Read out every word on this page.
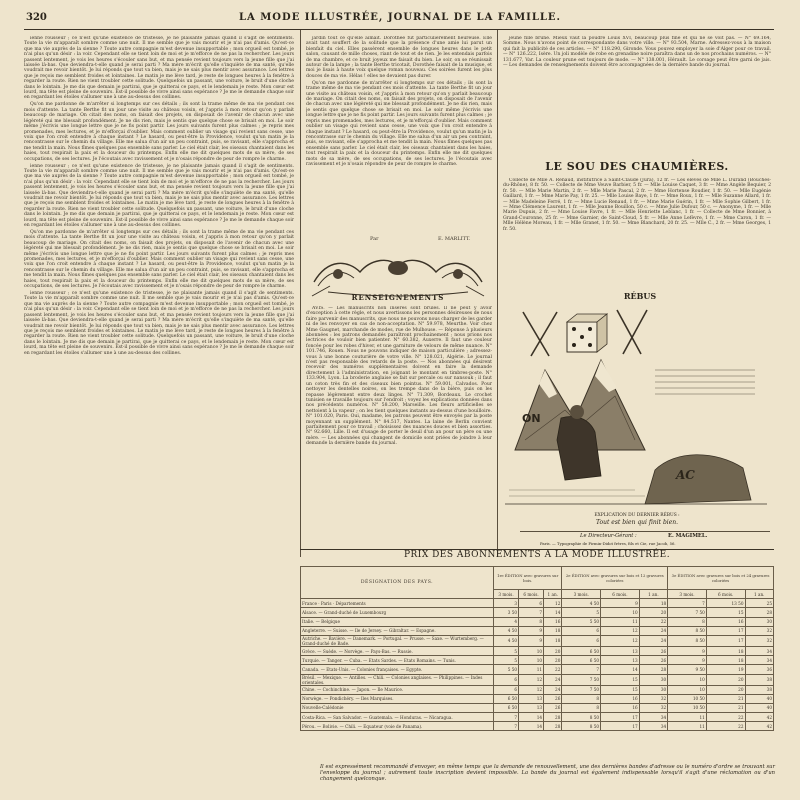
320	LA MODE ILLUSTRÉE, JOURNAL DE LA FAMILLE.

ienne rousseur ; ce n'est qu'une existence de tristesse, je ne plaisante jamais quand il s'agit de sentiments. Toute la vie m'apparaît sombre comme une nuit. Il me semble que je vais mourir et je n'ai pas d'amis. Qu'est-ce que ma vie auprès de la sienne ? Toute autre compagnie m'est devenue insupportable ; mon orgueil est tombé, je n'ai plus qu'un désir : la voir. Cependant elle se tient loin de moi et je m'efforce de ne pas la rechercher. Les jours passent lentement, je vois les heures s'écouler sans but, et ma pensée revient toujours vers la jeune fille que j'ai laissée là-bas. Que deviendra-t-elle quand je serai parti ? Ma mère m'écrit qu'elle s'inquiète de ma santé, qu'elle voudrait me revoir bientôt. Je lui réponds que tout va bien, mais je ne sais plus mentir avec assurance. Les lettres que je reçois me semblent froides et lointaines. Le matin je me lève tard, je reste de longues heures à la fenêtre à regarder la route. Rien ne vient troubler cette solitude. Quelquefois un passant, une voiture, le bruit d'une cloche dans le lointain. Je me dis que demain je partirai, que je quitterai ce pays, et le lendemain je reste. Mon cœur est lourd, ma tête est pleine de souvenirs. Est-il possible de vivre ainsi sans espérance ? Je me le demande chaque soir en regardant les étoiles s'allumer une à une au-dessus des collines.

Qu'on me pardonne de m'arrêter si longtemps sur ces détails ; ils sont la trame même de ma vie pendant ces mois d'attente. La tante Berthe fit un jour une visite au château voisin, et j'appris à mon retour qu'on y parlait beaucoup de mariage. On citait des noms, on faisait des projets, on disposait de l'avenir de chacun avec une légèreté qui me blessait profondément. Je ne dis rien, mais je sentis que quelque chose se brisait en moi. Le soir même j'écrivis une longue lettre que je ne fis point partir. Les jours suivants furent plus calmes ; je repris mes promenades, mes lectures, et je m'efforçai d'oublier. Mais comment oublier un visage qui revient sans cesse, une voix que l'on croit entendre à chaque instant ? Le hasard, ou peut-être la Providence, voulut qu'un matin je la rencontrasse sur le chemin du village. Elle me salua d'un air un peu contraint, puis, se ravisant, elle s'approcha et me tendit la main. Nous fîmes quelques pas ensemble sans parler. Le ciel était clair, les oiseaux chantaient dans les haies, tout respirait la paix et la douceur du printemps. Enfin elle me dit quelques mots de sa mère, de ses occupations, de ses lectures. Je l'écoutais avec ravissement et je n'osais répondre de peur de rompre le charme.

ienne rousseur ; ce n'est qu'une existence de tristesse, je ne plaisante jamais quand il s'agit de sentiments. Toute la vie m'apparaît sombre comme une nuit. Il me semble que je vais mourir et je n'ai pas d'amis. Qu'est-ce que ma vie auprès de la sienne ? Toute autre compagnie m'est devenue insupportable ; mon orgueil est tombé, je n'ai plus qu'un désir : la voir. Cependant elle se tient loin de moi et je m'efforce de ne pas la rechercher. Les jours passent lentement, je vois les heures s'écouler sans but, et ma pensée revient toujours vers la jeune fille que j'ai laissée là-bas. Que deviendra-t-elle quand je serai parti ? Ma mère m'écrit qu'elle s'inquiète de ma santé, qu'elle voudrait me revoir bientôt. Je lui réponds que tout va bien, mais je ne sais plus mentir avec assurance. Les lettres que je reçois me semblent froides et lointaines. Le matin je me lève tard, je reste de longues heures à la fenêtre à regarder la route. Rien ne vient troubler cette solitude. Quelquefois un passant, une voiture, le bruit d'une cloche dans le lointain. Je me dis que demain je partirai, que je quitterai ce pays, et le lendemain je reste. Mon cœur est lourd, ma tête est pleine de souvenirs. Est-il possible de vivre ainsi sans espérance ? Je me le demande chaque soir en regardant les étoiles s'allumer une à une au-dessus des collines.

Qu'on me pardonne de m'arrêter si longtemps sur ces détails ; ils sont la trame même de ma vie pendant ces mois d'attente. La tante Berthe fit un jour une visite au château voisin, et j'appris à mon retour qu'on y parlait beaucoup de mariage. On citait des noms, on faisait des projets, on disposait de l'avenir de chacun avec une légèreté qui me blessait profondément. Je ne dis rien, mais je sentis que quelque chose se brisait en moi. Le soir même j'écrivis une longue lettre que je ne fis point partir. Les jours suivants furent plus calmes ; je repris mes promenades, mes lectures, et je m'efforçai d'oublier. Mais comment oublier un visage qui revient sans cesse, une voix que l'on croit entendre à chaque instant ? Le hasard, ou peut-être la Providence, voulut qu'un matin je la rencontrasse sur le chemin du village. Elle me salua d'un air un peu contraint, puis, se ravisant, elle s'approcha et me tendit la main. Nous fîmes quelques pas ensemble sans parler. Le ciel était clair, les oiseaux chantaient dans les haies, tout respirait la paix et la douceur du printemps. Enfin elle me dit quelques mots de sa mère, de ses occupations, de ses lectures. Je l'écoutais avec ravissement et je n'osais répondre de peur de rompre le charme.

ienne rousseur ; ce n'est qu'une existence de tristesse, je ne plaisante jamais quand il s'agit de sentiments. Toute la vie m'apparaît sombre comme une nuit. Il me semble que je vais mourir et je n'ai pas d'amis. Qu'est-ce que ma vie auprès de la sienne ? Toute autre compagnie m'est devenue insupportable ; mon orgueil est tombé, je n'ai plus qu'un désir : la voir. Cependant elle se tient loin de moi et je m'efforce de ne pas la rechercher. Les jours passent lentement, je vois les heures s'écouler sans but, et ma pensée revient toujours vers la jeune fille que j'ai laissée là-bas. Que deviendra-t-elle quand je serai parti ? Ma mère m'écrit qu'elle s'inquiète de ma santé, qu'elle voudrait me revoir bientôt. Je lui réponds que tout va bien, mais je ne sais plus mentir avec assurance. Les lettres que je reçois me semblent froides et lointaines. Le matin je me lève tard, je reste de longues heures à la fenêtre à regarder la route. Rien ne vient troubler cette solitude. Quelquefois un passant, une voiture, le bruit d'une cloche dans le lointain. Je me dis que demain je partirai, que je quitterai ce pays, et le lendemain je reste. Mon cœur est lourd, ma tête est pleine de souvenirs. Est-il possible de vivre ainsi sans espérance ? Je me le demande chaque soir en regardant les étoiles s'allumer une à une au-dessus des collines.

jardin tout ce qu'elle aimait. Dorothée fut particulièrement heureuse. Elle avait tant souffert de la solitude que la présence d'une amie lui parut un bienfait du ciel. Elles passèrent ensemble de longues heures dans le petit salon, causant de mille choses, riant de tout et de rien. Je les entendais parfois de ma chambre, et ce bruit joyeux me faisait du bien. Le soir, on se réunissait autour de la lampe ; la tante Berthe tricotait, Dorothée faisait de la musique, et moi je lisais à haute voix quelque roman nouveau. Ces soirées furent les plus douces de ma vie. Hélas ! elles ne devaient pas durer.

Qu'on me pardonne de m'arrêter si longtemps sur ces détails ; ils sont la trame même de ma vie pendant ces mois d'attente. La tante Berthe fit un jour une visite au château voisin, et j'appris à mon retour qu'on y parlait beaucoup de mariage. On citait des noms, on faisait des projets, on disposait de l'avenir de chacun avec une légèreté qui me blessait profondément. Je ne dis rien, mais je sentis que quelque chose se brisait en moi. Le soir même j'écrivis une longue lettre que je ne fis point partir. Les jours suivants furent plus calmes ; je repris mes promenades, mes lectures, et je m'efforçai d'oublier. Mais comment oublier un visage qui revient sans cesse, une voix que l'on croit entendre à chaque instant ? Le hasard, ou peut-être la Providence, voulut qu'un matin je la rencontrasse sur le chemin du village. Elle me salua d'un air un peu contraint, puis, se ravisant, elle s'approcha et me tendit la main. Nous fîmes quelques pas ensemble sans parler. Le ciel était clair, les oiseaux chantaient dans les haies, tout respirait la paix et la douceur du printemps. Enfin elle me dit quelques mots de sa mère, de ses occupations, de ses lectures. Je l'écoutais avec ravissement et je n'osais répondre de peur de rompre le charme.

Par	E. MARLITT.
RENSEIGNEMENTS

AVIS. — Les manuscrits non insérés sont brûlés. Il ne peut y avoir d'exception à cette règle, et nous avertissons les personnes désireuses de nous faire parvenir des manuscrits, que nous ne pouvons nous charger de les garder ni de les renvoyer en cas de non-acceptation. N° 59.978, Meurthe. Voir chez Mme Gaugnet, marchande de modes, rue de Mulhouse. — Réponse à plusieurs abonnées : les patrons demandés paraîtront prochainement ; nous prions nos lectrices de vouloir bien patienter. N° 60.382, Auxerre. Il faut une couleur foncée pour les robes d'hiver, et une garniture de velours de même nuance. N° 101.746, Rouen. Nous ne pouvons indiquer de maison particulière ; adressez-vous à une bonne couturière de votre ville. N° 128.021, Algérie. Le journal n'est pas responsable des retards de la poste. — Nos abonnées qui désirent recevoir des numéros supplémentaires doivent en faire la demande directement à l'administration, en joignant le montant en timbres-poste. N° 133.904, Lyon. La broderie anglaise se fait sur percale ou sur nansouk ; il faut un coton très fin et des ciseaux bien pointus. N° 59.001, Calvados. Pour nettoyer les dentelles noires, on les trempe dans de la bière, puis on les repasse légèrement entre deux linges. N° 71.309, Bordeaux. Le crochet tunisien se travaille toujours sur l'endroit ; voyez les explications données dans nos précédents numéros. N° 58.200, Marseille. Les fleurs artificielles se nettoient à la vapeur ; on les tient quelques instants au-dessus d'une bouilloire. N° 101.020, Paris. Oui, madame, les patrons peuvent être envoyés par la poste moyennant un supplément. N° 84.517, Nantes. La laine de Berlin convient parfaitement pour ce travail ; choisissez des nuances douces et bien assorties. N° 92.660, Lille. Il est d'usage de porter le deuil d'un an pour un père ou une mère. — Les abonnées qui changent de domicile sont priées de joindre à leur demande la dernière bande du journal.

jeune fille brune. Mieux vaut la poudre Louis XVI, beaucoup plus fine et qui ne se voit pas. — N° 69.164, Somme. Nous n'avons point de correspondante dans votre ville. — N° 93.504, Marne. Adressez-vous à la maison qui fait la publicité de ces articles. — N° 118.290, Gironde. Vous pouvez employer la soie d'Alger pour ce travail. — N° 126.222, Isère. Un joli modèle de robe en grenadine noire paraîtra dans un de nos prochains numéros. — N° 131.677, Var. La couleur prune est toujours de mode. — N° 138.001, Hérault. Le corsage peut être garni de jais. — Les demandes de renseignements doivent être accompagnées de la dernière bande du journal.

LE SOU DES CHAUMIÈRES.

Collecte de Mlle A. Renaud, institutrice à Saint-Claude (Jura), 12 fr. — Les élèves de Mlle L. Durand (Bouches-du-Rhône), 8 fr. 50. — Collecte de Mme Veuve Barbier, 5 fr. — Mlle Louise Caquet, 3 fr. — Mme Angèle Bequier, 2 fr. 50. — Mlle Marie Martin, 2 fr. — Mlle Marie Pascal, 2 fr. — Mme Hortense Roudier, 1 fr. 50. — Mlle Eugénie Gaillard, 1 fr. — Mme Marie Pay, 1 fr. 25. — Mlle Louise Baye, 1 fr. — Mme Roux, 1 fr. — Mlle Suzanne Allard, 1 fr. — Mlle Madeleine Ferré, 1 fr. — Mme Lucie Renaud, 1 fr. — Mme Marie Guérin, 1 fr. — Mlle Sophie Gilbert, 1 fr. — Mme Clémence Laurent, 1 fr. — Mlle Jeanne Bouillon, 50 c. — Mme Julie Dufour, 50 c. — Anonyme, 1 fr. — Mlle Marie Dupuis, 2 fr. — Mme Louise Favre, 1 fr. — Mlle Henriette Leblanc, 1 fr. — Collecte de Mme Bonnier, à Grand-Couronne, 25 fr. — Mme Garnier, de Saint-Cloud, 5 fr. — Mlle Anne Lefèvre, 1 fr. — Mme Caron, 1 fr. — Mlle Hélène Moreau, 1 fr. — Mlle Granet, 1 fr. 50. — Mme Blanchard, 20 fr. 25. — Mlle C., 2 fr. — Mme Georges, 1 fr. 50.

RÉBUS
ON
AC
EXPLICATION DU DERNIER RÉBUS :
Tout est bien qui finit bien.
Le Directeur-Gérant :	E. MAGIMEL.
Paris. — Typographie de Firmin-Didot frères, fils et Cie, rue Jacob, 56.
PRIX DES ABONNEMENTS A LA MODE ILLUSTRÉE.
DÉSIGNATION DES PAYS.	1re ÉDITION avec gravures sur bois.			2e ÉDITION avec gravures sur bois et 12 gravures coloriées			3e ÉDITION avec gravures sur bois et 24 gravures coloriées		
	3 mois.	6 mois.	1 an.	3 mois.	6 mois.	1 an.	3 mois.	6 mois.	1 an.
France · Paris · Départements	3	6	12	4 50	9	18	7	13 50	25
Alsace. — Grand-duché de Luxembourg	3 50	7	14	5	10	20	7 50	15	28
Italie. — Belgique	4	8	16	5 50	11	22	8	16	30
Angleterre. — Suisse. — Ile de Jersey. — Gibraltar. — Espagne.	4 50	9	18	6	12	24	8 50	17	32
Autriche. — Bavière. — Danemark. — Portugal. — Prusse. — Saxe. — Wurtemberg. — Grand-duché de Bade.	4 50	9	18	6	12	24	8 50	17	32
Grèce. — Suède. — Norvège. — Pays-Bas. — Russie.	5	10	20	6 50	13	26	9	18	34
Turquie. — Tanger. — Cuba. — Etats Sardes. — Etats Romains. — Tunis.	5	10	20	6 50	13	26	9	18	34
Canada. — Etats-Unis. — Colonies françaises. — Egypte.	5 50	11	22	7	14	28	9 50	19	36
Brésil. — Mexique. — Antilles. — Chili. — Colonies anglaises. — Philippines. — Indes orientales.	6	12	24	7 50	15	30	10	20	38
Chine. — Cochinchine. — Japon. — Ile Maurice.	6	12	24	7 50	15	30	10	20	38
Norwège. — Pondichéry. — Iles Marquises.	6 50	13	26	8	16	32	10 50	21	40
Nouvelle-Calédonie	6 50	13	26	8	16	32	10 50	21	40
Costa-Rica. — San Salvador. — Guatemala. — Honduras. — Nicaragua.	7	14	28	8 50	17	34	11	22	42
Pérou. — Bolivie. — Chili. — Equateur (voie de Panama).	7	14	28	8 50	17	34	11	22	42
Il est expressément recommandé d'envoyer, en même temps que la demande de renouvellement, une des dernières bandes d'adresse ou le numéro d'ordre se trouvant sur l'enveloppe du journal ; autrement toute inscription devient impossible. La bande du journal est également indispensable lorsqu'il s'agit d'une réclamation ou d'un changement quelconque.
